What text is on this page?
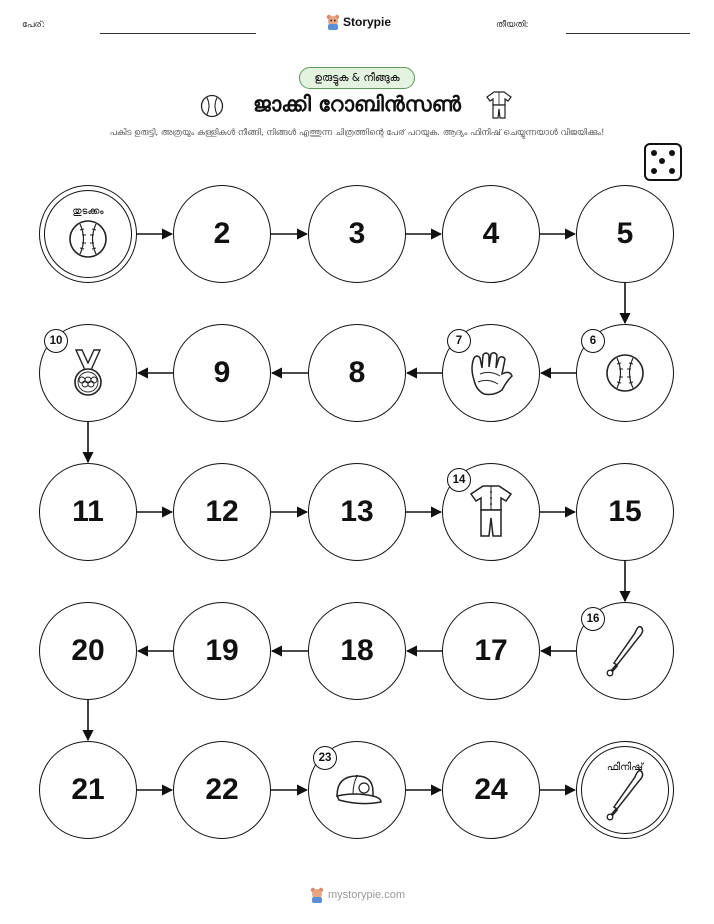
പേര്:	Storypie	തീയതി:
ഉരുട്ടുക & നീങ്ങുക
ജാക്കി റോബിൻസൺ
പകിട ഉരുട്ടി, അത്രയും കള്ളികൾ നീങ്ങി, നിങ്ങൾ എത്തുന്ന ചിത്രത്തിന്റെ പേര് പറയുക. ആദ്യം ഫിനിഷ് ചെയ്യുന്നയാൾ വിജയിക്കും!
തുടക്കം
2	3	4	5
6
7
8
9
10
11	12	13
14
15
16
17
18
19
20
21	22
23
24
ഫിനിഷ്
mystorypie.com
